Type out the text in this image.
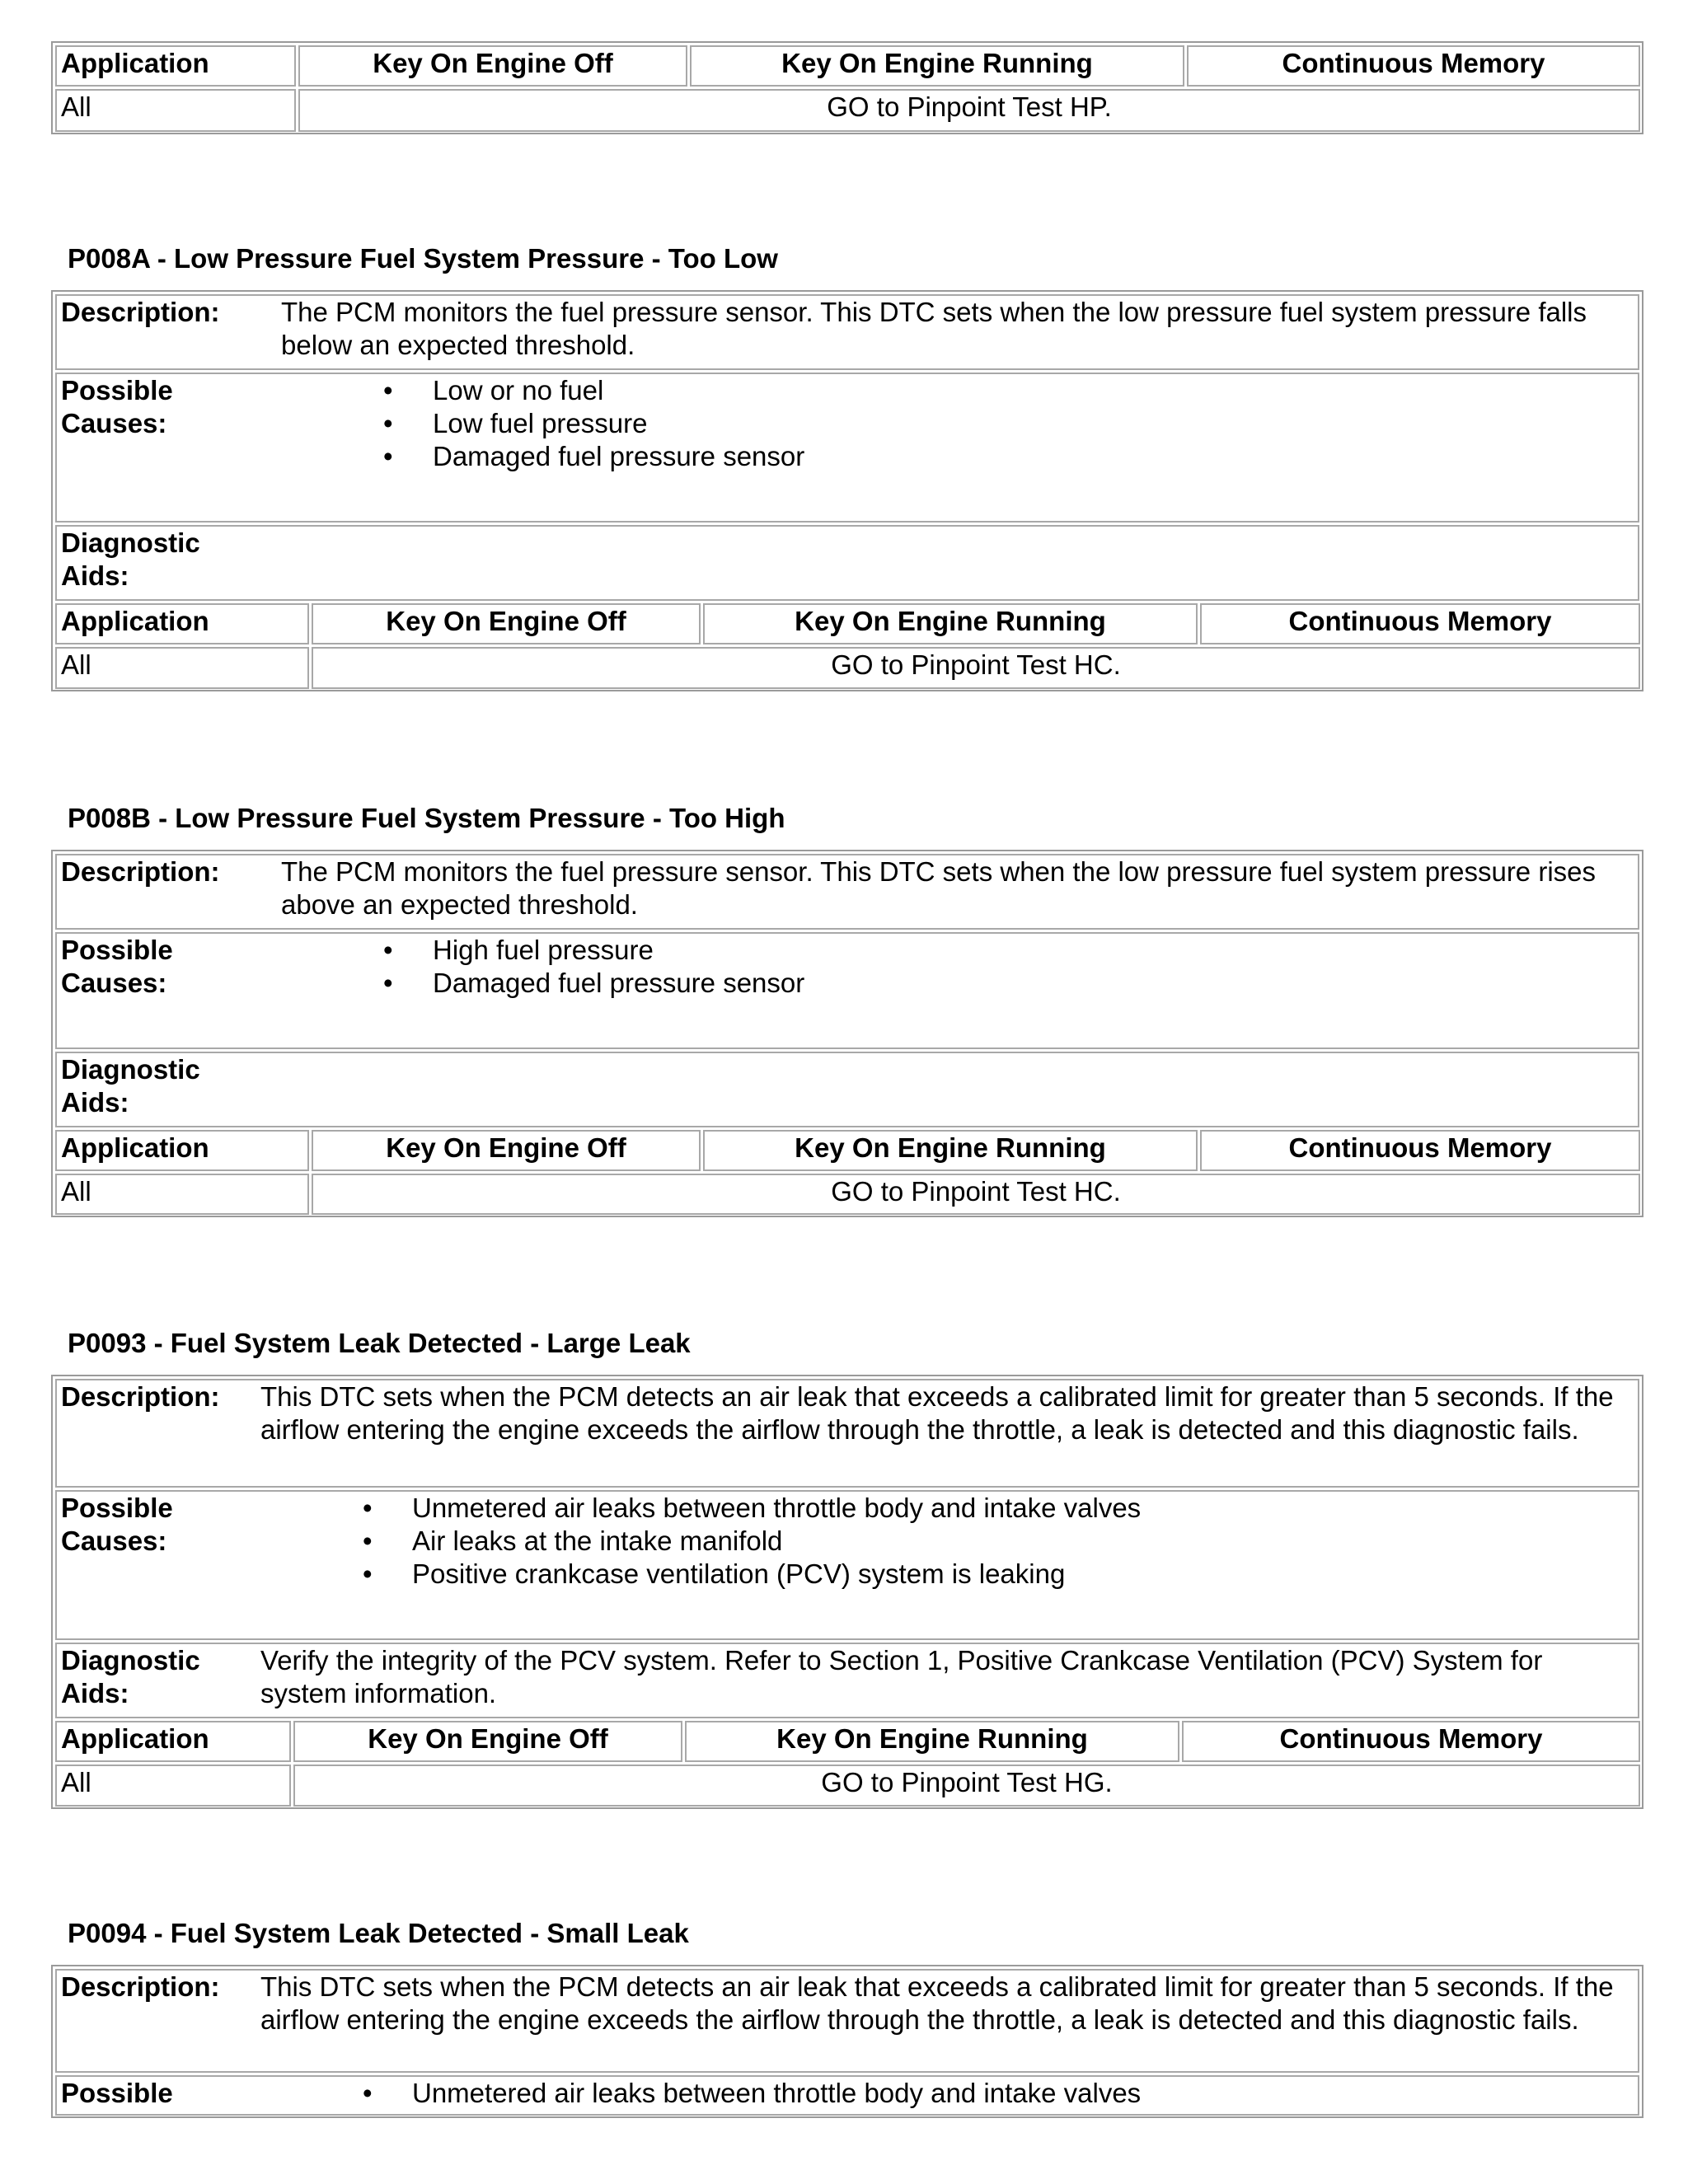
Application	Key On Engine Off	Key On Engine Running	Continuous Memory
All	GO to Pinpoint Test HP.
P008A - Low Pressure Fuel System Pressure - Too Low
Description: The PCM monitors the fuel pressure sensor. This DTC sets when the low pressure fuel system pressure falls below an expected threshold.
Possible
Causes:
• Low or no fuel
• Low fuel pressure
• Damaged fuel pressure sensor
Diagnostic
Aids:
Application	Key On Engine Off	Key On Engine Running	Continuous Memory
All	GO to Pinpoint Test HC.
P008B - Low Pressure Fuel System Pressure - Too High
Description: The PCM monitors the fuel pressure sensor. This DTC sets when the low pressure fuel system pressure rises above an expected threshold.
Possible
Causes:
• High fuel pressure
• Damaged fuel pressure sensor
Diagnostic
Aids:
Application	Key On Engine Off	Key On Engine Running	Continuous Memory
All	GO to Pinpoint Test HC.
P0093 - Fuel System Leak Detected - Large Leak
Description: This DTC sets when the PCM detects an air leak that exceeds a calibrated limit for greater than 5 seconds. If the airflow entering the engine exceeds the airflow through the throttle, a leak is detected and this diagnostic fails.
Possible
Causes:
• Unmetered air leaks between throttle body and intake valves
• Air leaks at the intake manifold
• Positive crankcase ventilation (PCV) system is leaking
Diagnostic
Aids:
Verify the integrity of the PCV system. Refer to Section 1, Positive Crankcase Ventilation (PCV) System for system information.
Application	Key On Engine Off	Key On Engine Running	Continuous Memory
All	GO to Pinpoint Test HG.
P0094 - Fuel System Leak Detected - Small Leak
Description: This DTC sets when the PCM detects an air leak that exceeds a calibrated limit for greater than 5 seconds. If the airflow entering the engine exceeds the airflow through the throttle, a leak is detected and this diagnostic fails.
Possible
•	Unmetered air leaks between throttle body and intake valves
